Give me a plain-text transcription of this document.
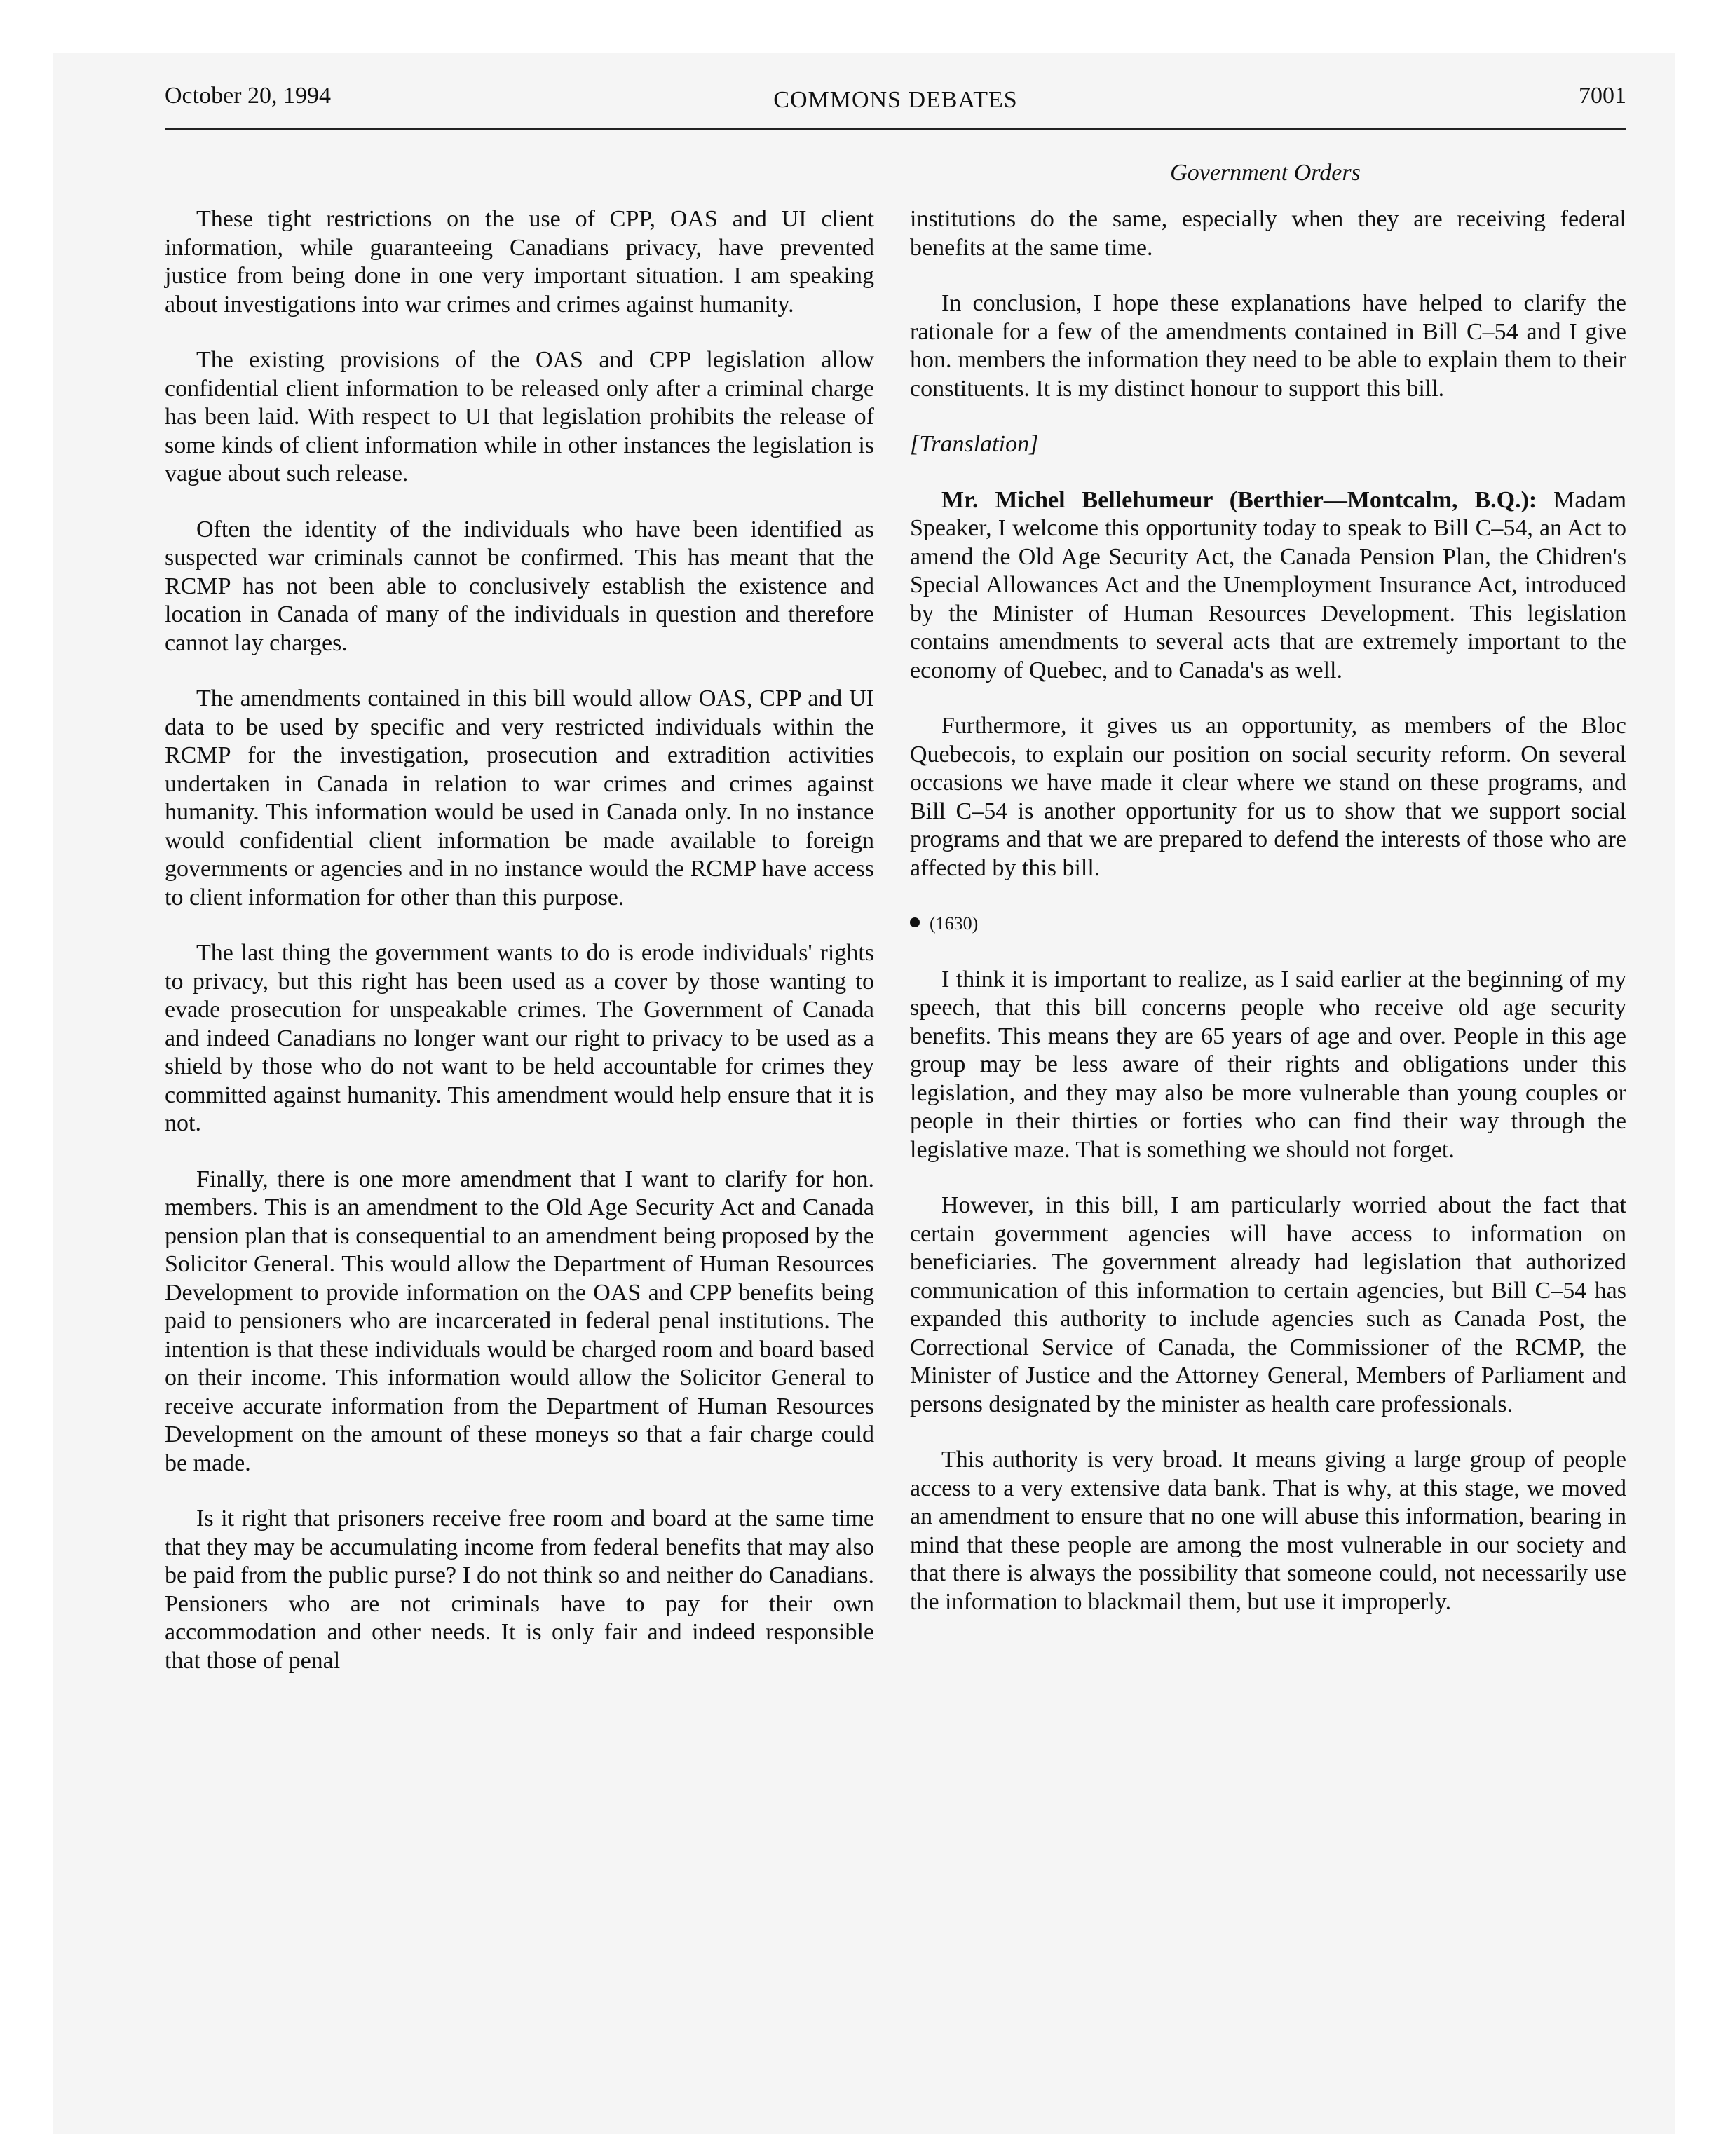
October 20, 1994	COMMONS DEBATES	7001
Government Orders

These tight restrictions on the use of CPP, OAS and UI client information, while guaranteeing Canadians privacy, have prevented justice from being done in one very important situation. I am speaking about investigations into war crimes and crimes against humanity.

The existing provisions of the OAS and CPP legislation allow confidential client information to be released only after a criminal charge has been laid. With respect to UI that legislation prohibits the release of some kinds of client information while in other instances the legislation is vague about such release.

Often the identity of the individuals who have been identified as suspected war criminals cannot be confirmed. This has meant that the RCMP has not been able to conclusively establish the existence and location in Canada of many of the individuals in question and therefore cannot lay charges.

The amendments contained in this bill would allow OAS, CPP and UI data to be used by specific and very restricted individuals within the RCMP for the investigation, prosecution and extradition activities undertaken in Canada in relation to war crimes and crimes against humanity. This information would be used in Canada only. In no instance would confidential client information be made available to foreign governments or agencies and in no instance would the RCMP have access to client information for other than this purpose.

The last thing the government wants to do is erode individuals' rights to privacy, but this right has been used as a cover by those wanting to evade prosecution for unspeakable crimes. The Government of Canada and indeed Canadians no longer want our right to privacy to be used as a shield by those who do not want to be held accountable for crimes they committed against humanity. This amendment would help ensure that it is not.

Finally, there is one more amendment that I want to clarify for hon. members. This is an amendment to the Old Age Security Act and Canada pension plan that is consequential to an amendment being proposed by the Solicitor General. This would allow the Department of Human Resources Development to provide information on the OAS and CPP benefits being paid to pensioners who are incarcerated in federal penal institutions. The intention is that these individuals would be charged room and board based on their income. This information would allow the Solicitor General to receive accurate information from the Department of Human Resources Development on the amount of these moneys so that a fair charge could be made.

Is it right that prisoners receive free room and board at the same time that they may be accumulating income from federal benefits that may also be paid from the public purse? I do not think so and neither do Canadians. Pensioners who are not criminals have to pay for their own accommodation and other needs. It is only fair and indeed responsible that those of penal

institutions do the same, especially when they are receiving federal benefits at the same time.

In conclusion, I hope these explanations have helped to clarify the rationale for a few of the amendments contained in Bill C–54 and I give hon. members the information they need to be able to explain them to their constituents. It is my distinct honour to support this bill.

[Translation]

Mr. Michel Bellehumeur (Berthier—Montcalm, B.Q.): Madam Speaker, I welcome this opportunity today to speak to Bill C–54, an Act to amend the Old Age Security Act, the Canada Pension Plan, the Chidren's Special Allowances Act and the Unemployment Insurance Act, introduced by the Minister of Human Resources Development. This legislation contains amendments to several acts that are extremely important to the economy of Quebec, and to Canada's as well.

Furthermore, it gives us an opportunity, as members of the Bloc Quebecois, to explain our position on social security reform. On several occasions we have made it clear where we stand on these programs, and Bill C–54 is another opportunity for us to show that we support social programs and that we are prepared to defend the interests of those who are affected by this bill.

(1630)

I think it is important to realize, as I said earlier at the beginning of my speech, that this bill concerns people who receive old age security benefits. This means they are 65 years of age and over. People in this age group may be less aware of their rights and obligations under this legislation, and they may also be more vulnerable than young couples or people in their thirties or forties who can find their way through the legislative maze. That is something we should not forget.

However, in this bill, I am particularly worried about the fact that certain government agencies will have access to information on beneficiaries. The government already had legislation that authorized communication of this information to certain agencies, but Bill C–54 has expanded this authority to include agencies such as Canada Post, the Correctional Service of Canada, the Commissioner of the RCMP, the Minister of Justice and the Attorney General, Members of Parliament and persons designated by the minister as health care professionals.

This authority is very broad. It means giving a large group of people access to a very extensive data bank. That is why, at this stage, we moved an amendment to ensure that no one will abuse this information, bearing in mind that these people are among the most vulnerable in our society and that there is always the possibility that someone could, not necessarily use the information to blackmail them, but use it improperly.
